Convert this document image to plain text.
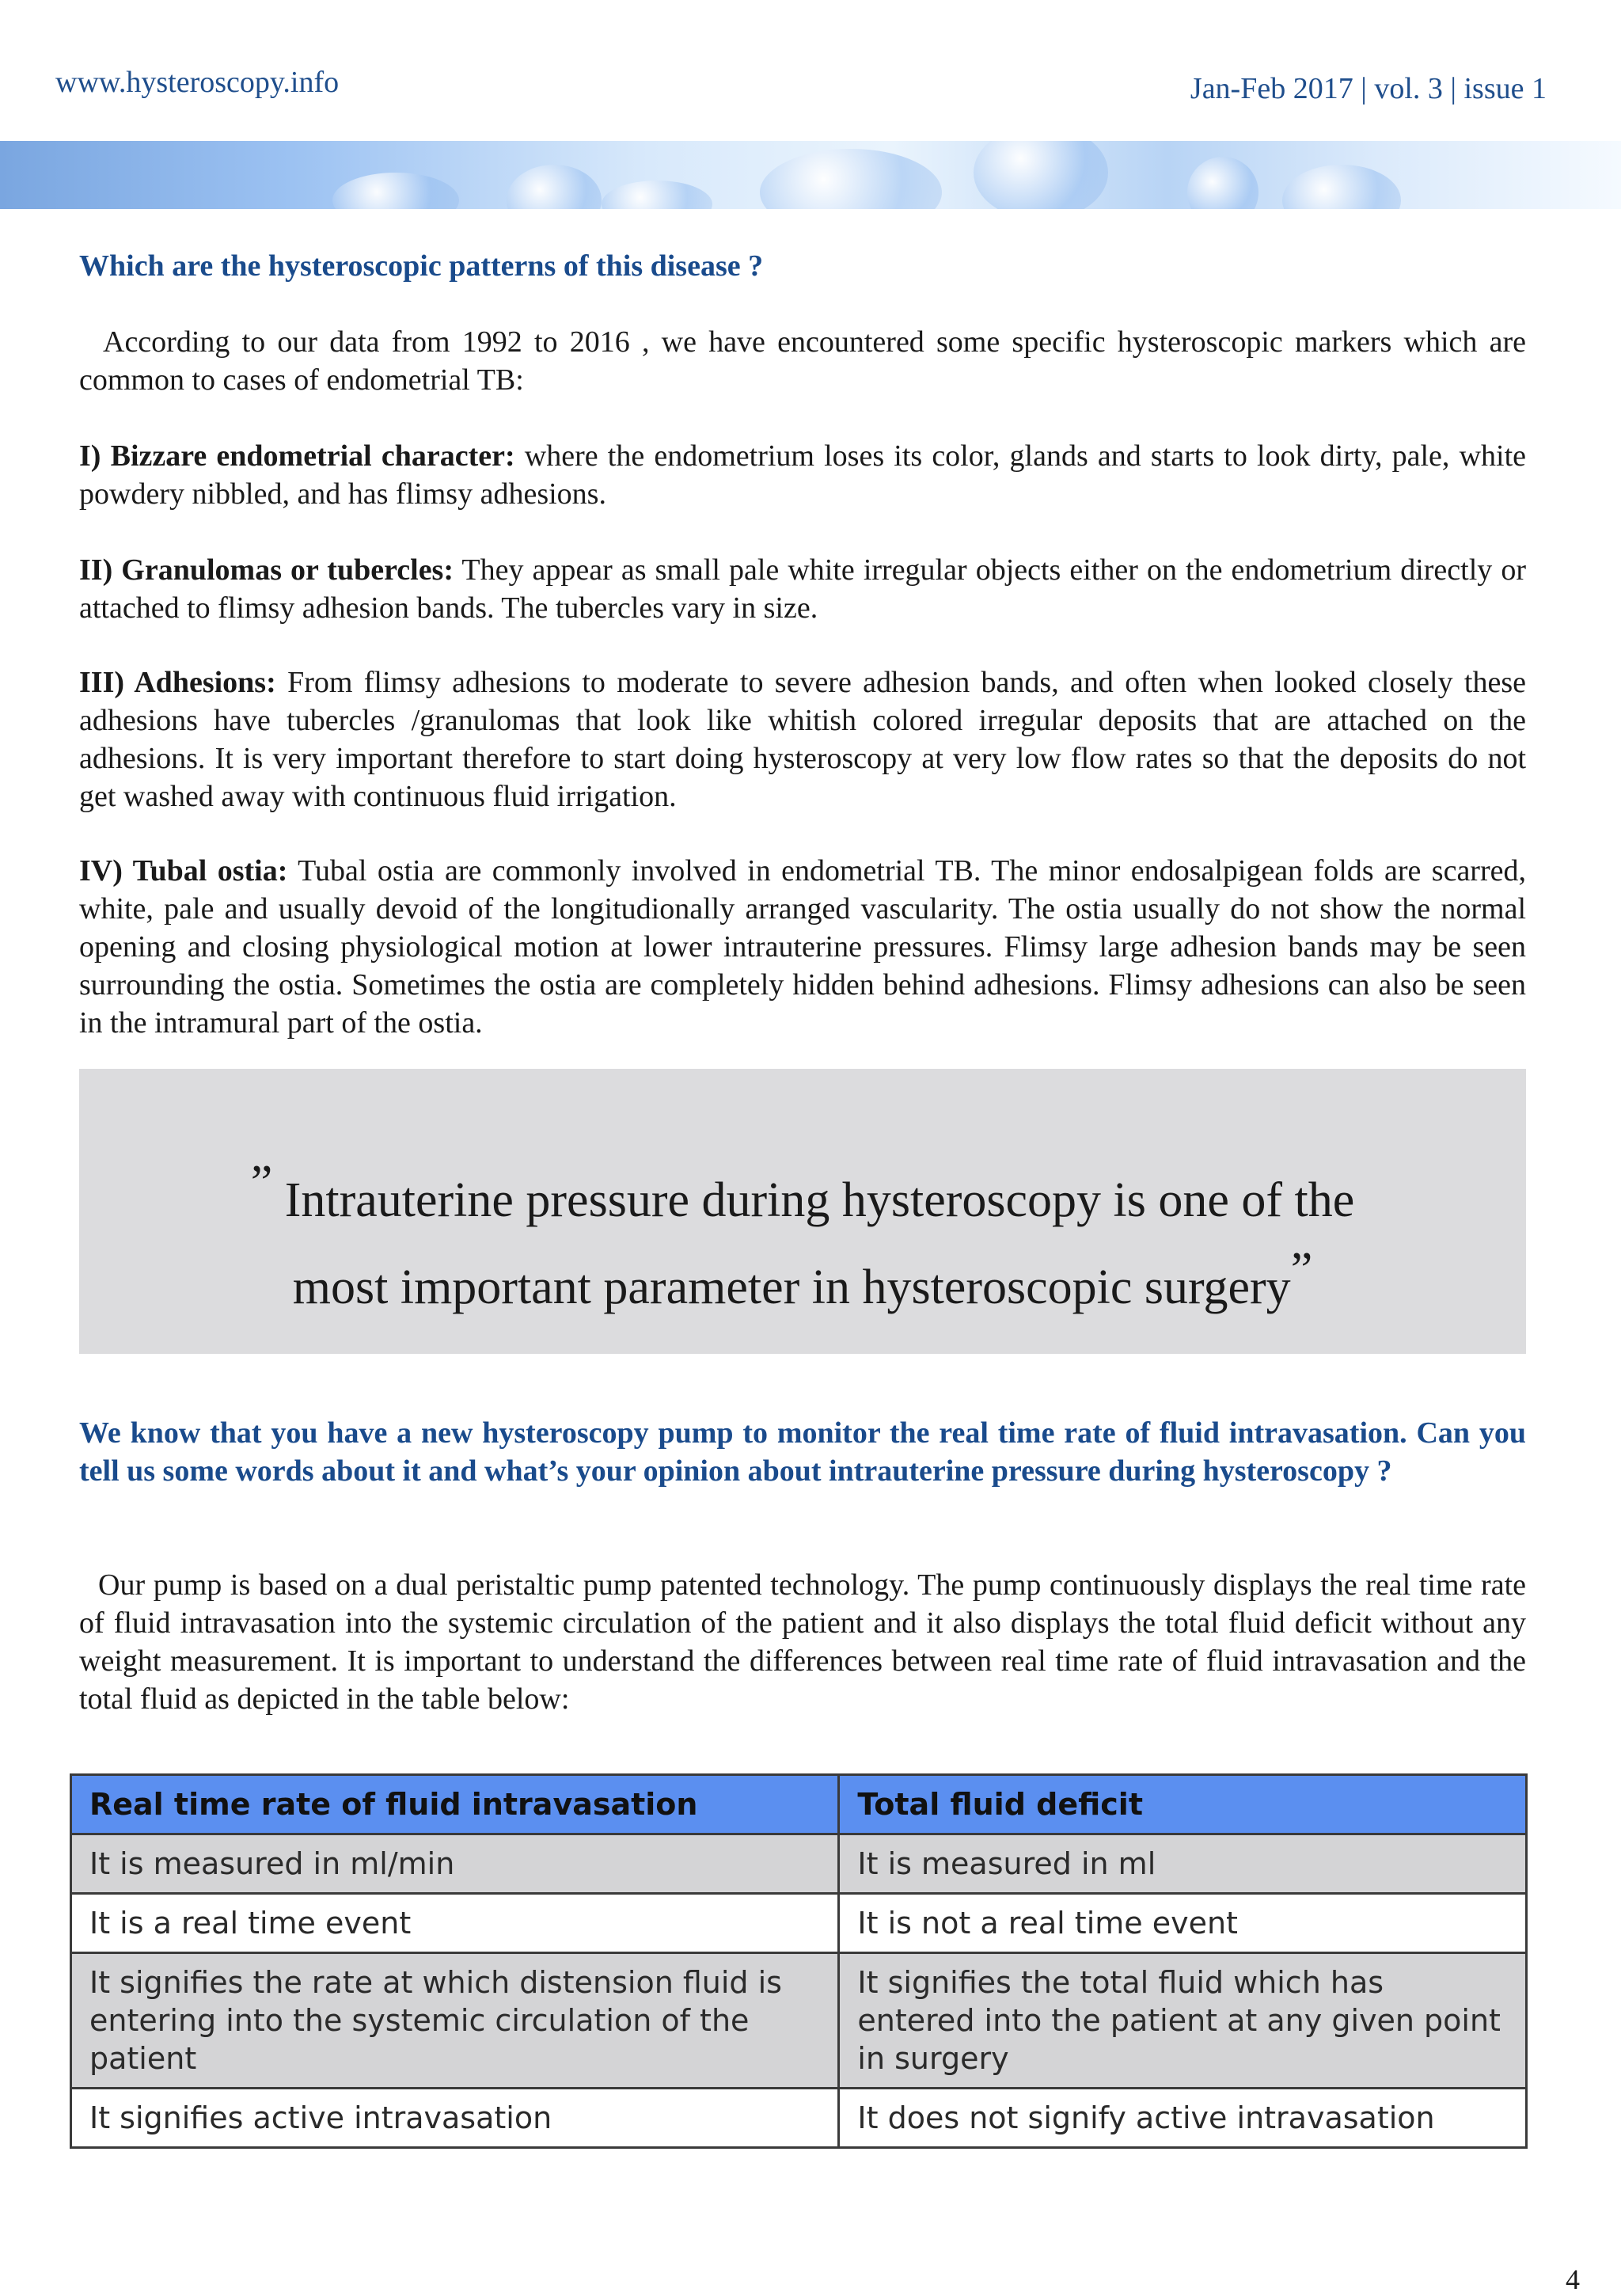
www.hysteroscopy.info	Jan-Feb 2017 | vol. 3 | issue 1
Which are the hysteroscopic patterns of this disease ?
According to our data from 1992 to 2016 , we have encountered some specific hysteroscopic markers which are common to cases of endometrial TB:
I) Bizzare endometrial character: where the endometrium loses its color, glands and starts to look dirty, pale, white powdery nibbled, and has flimsy adhesions.
II) Granulomas or tubercles: They appear as small pale white irregular objects either on the endometrium directly or attached to flimsy adhesion bands. The tubercles vary in size.
III) Adhesions: From flimsy adhesions to moderate to severe adhesion bands, and often when looked closely these adhesions have tubercles /granulomas that look like whitish colored irregular deposits that are attached on the adhesions. It is very important therefore to start doing hysteroscopy at very low flow rates so that the deposits do not get washed away with continuous fluid irrigation.
IV) Tubal ostia: Tubal ostia are commonly involved in endometrial TB. The minor endosalpigean folds are scarred, white, pale and usually devoid of the longitudionally arranged vascularity. The ostia usually do not show the normal opening and closing physiological motion at lower intrauterine pressures. Flimsy large adhesion bands may be seen surrounding the ostia. Sometimes the ostia are completely hidden behind adhesions. Flimsy adhesions can also be seen in the intramural part of the ostia.
” Intrauterine pressure during hysteroscopy is one of the
most important parameter in hysteroscopic surgery”
We know that you have a new hysteroscopy pump to monitor the real time rate of fluid intravasation. Can you tell us some words about it and what’s your opinion about intrauterine pressure during hysteroscopy ?
Our pump is based on a dual peristaltic pump patented technology. The pump continuously displays the real time rate of fluid intravasation into the systemic circulation of the patient and it also displays the total fluid deficit without any weight measurement. It is important to understand the differences between real time rate of fluid intravasation and the total fluid as depicted in the table below:
Real time rate of fluid intravasation	Total fluid deficit
It is measured in ml/min	It is measured in ml
It is a real time event	It is not a real time event
It signifies the rate at which distension fluid is entering into the systemic circulation of the patient	It signifies the total fluid which has entered into the patient at any given point in surgery
It signifies active intravasation	It does not signify active intravasation
4
